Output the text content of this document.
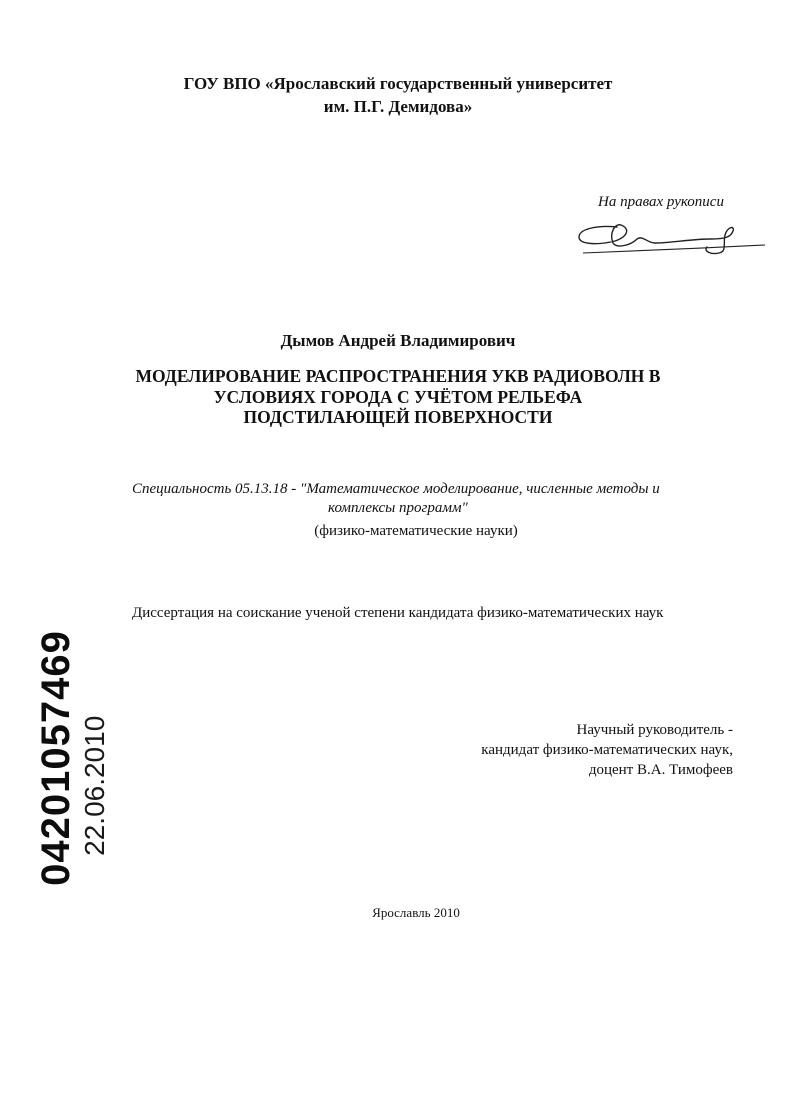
ГОУ ВПО «Ярославский государственный университет
им. П.Г. Демидова»
На правах рукописи
Дымов Андрей Владимирович
МОДЕЛИРОВАНИЕ РАСПРОСТРАНЕНИЯ УКВ РАДИОВОЛН В
УСЛОВИЯХ ГОРОДА С УЧЁТОМ РЕЛЬЕФА
ПОДСТИЛАЮЩЕЙ ПОВЕРХНОСТИ
Специальность 05.13.18 - "Математическое моделирование, численные методы и
комплексы программ"
(физико-математические науки)
Диссертация на соискание ученой степени кандидата физико-математических наук
Научный руководитель -
кандидат физико-математических наук,
доцент В.А. Тимофеев
Ярославль 2010
04201057469 22.06.2010
